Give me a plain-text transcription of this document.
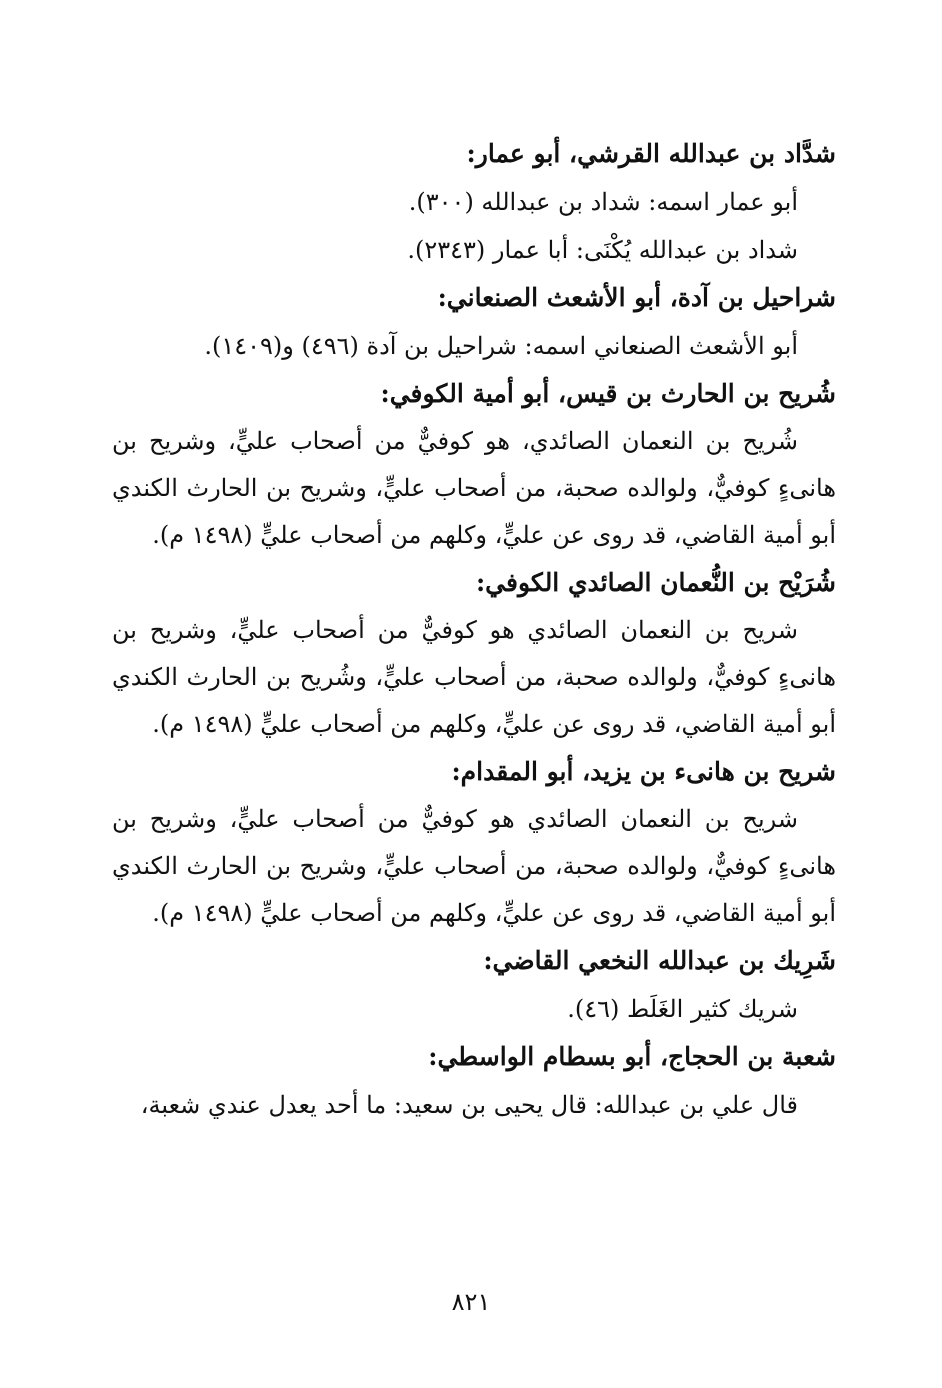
شدَّاد بن عبدالله القرشي، أبو عمار:

أبو عمار اسمه: شداد بن عبدالله (٣٠٠).

شداد بن عبدالله يُكْنَى: أبا عمار (٢٣٤٣).

شراحيل بن آدة، أبو الأشعث الصنعاني:

أبو الأشعث الصنعاني اسمه: شراحيل بن آدة (٤٩٦) و(١٤٠٩).

شُريح بن الحارث بن قيس، أبو أمية الكوفي:

شُريح بن النعمان الصائدي، هو كوفيٌّ من أصحاب عليٍّ، وشريح بن هانىءٍ كوفيٌّ، ولوالده صحبة، من أصحاب عليٍّ، وشريح بن الحارث الكندي أبو أمية القاضي، قد روى عن عليٍّ، وكلهم من أصحاب عليٍّ (١٤٩٨ م).

شُرَيْح بن النُّعمان الصائدي الكوفي:

شريح بن النعمان الصائدي هو كوفيٌّ من أصحاب عليٍّ، وشريح بن هانىءٍ كوفيٌّ، ولوالده صحبة، من أصحاب عليٍّ، وشُريح بن الحارث الكندي أبو أمية القاضي، قد روى عن عليٍّ، وكلهم من أصحاب عليٍّ (١٤٩٨ م).

شريح بن هانىء بن يزيد، أبو المقدام:

شريح بن النعمان الصائدي هو كوفيٌّ من أصحاب عليٍّ، وشريح بن هانىءٍ كوفيٌّ، ولوالده صحبة، من أصحاب عليٍّ، وشريح بن الحارث الكندي أبو أمية القاضي، قد روى عن عليٍّ، وكلهم من أصحاب عليٍّ (١٤٩٨ م).

شَرِيك بن عبدالله النخعي القاضي:

شريك كثير الغَلَط (٤٦).

شعبة بن الحجاج، أبو بسطام الواسطي:

قال علي بن عبدالله: قال يحيى بن سعيد: ما أحد يعدل عندي شعبة،

٨٢١
